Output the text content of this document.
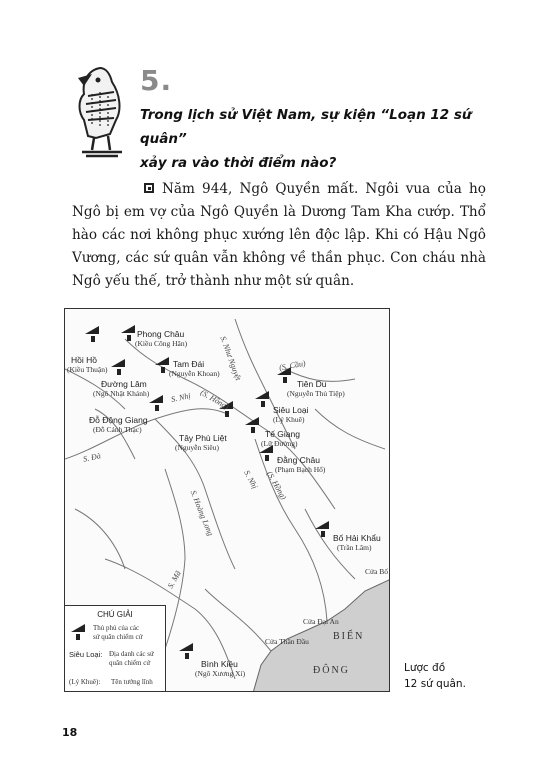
5.
Trong lịch sử Việt Nam, sự kiện “Loạn 12 sứ quân”
xảy ra vào thời điểm nào?
Năm 944, Ngô Quyền mất. Ngôi vua của họ Ngô bị em vợ của Ngô Quyền là Dương Tam Kha cướp. Thổ hào các nơi không phục xướng lên độc lập. Khi có Hậu Ngô Vương, các sứ quân vẫn không về thần phục. Con cháu nhà Ngô yếu thế, trở thành như một sứ quân.
Hồi Hồ
(Kiều Thuận)
Phong Châu
(Kiều Công Hãn)
Đường Lâm
(Ngô Nhật Khánh)
Tam Đái
(Nguyễn Khoan)
Đỗ Động Giang
(Đỗ Cảnh Thạc)
Tây Phù Liệt
(Nguyễn Siêu)
Tiên Du
(Nguyễn Thủ Tiệp)
Siêu Loại
(Lý Khuê)
Tế Giang
(Lữ Đường)
Đằng Châu
(Phạm Bạch Hổ)
Bố Hải Khẩu
(Trần Lãm)
Bình Kiều
(Ngô Xương Xí)
S. Như Nguyệt	(S. Cầu)
S. Nhị (S. Hồng)
(S. Hồng)
S. Đà
S. Hoàng Long
S. Nhị
S. Mã	Cửa Bố
Cửa Đại An
Cửa Thần Đầu BIỂN
ĐÔNG
CHÚ GIẢI
Thủ phủ của các
sứ quân chiếm cứ
Siêu Loại: Địa danh các sứ
quân chiếm cứ
(Lý Khuê): Tên tướng lĩnh
Lược đồ
12 sứ quân.
18
